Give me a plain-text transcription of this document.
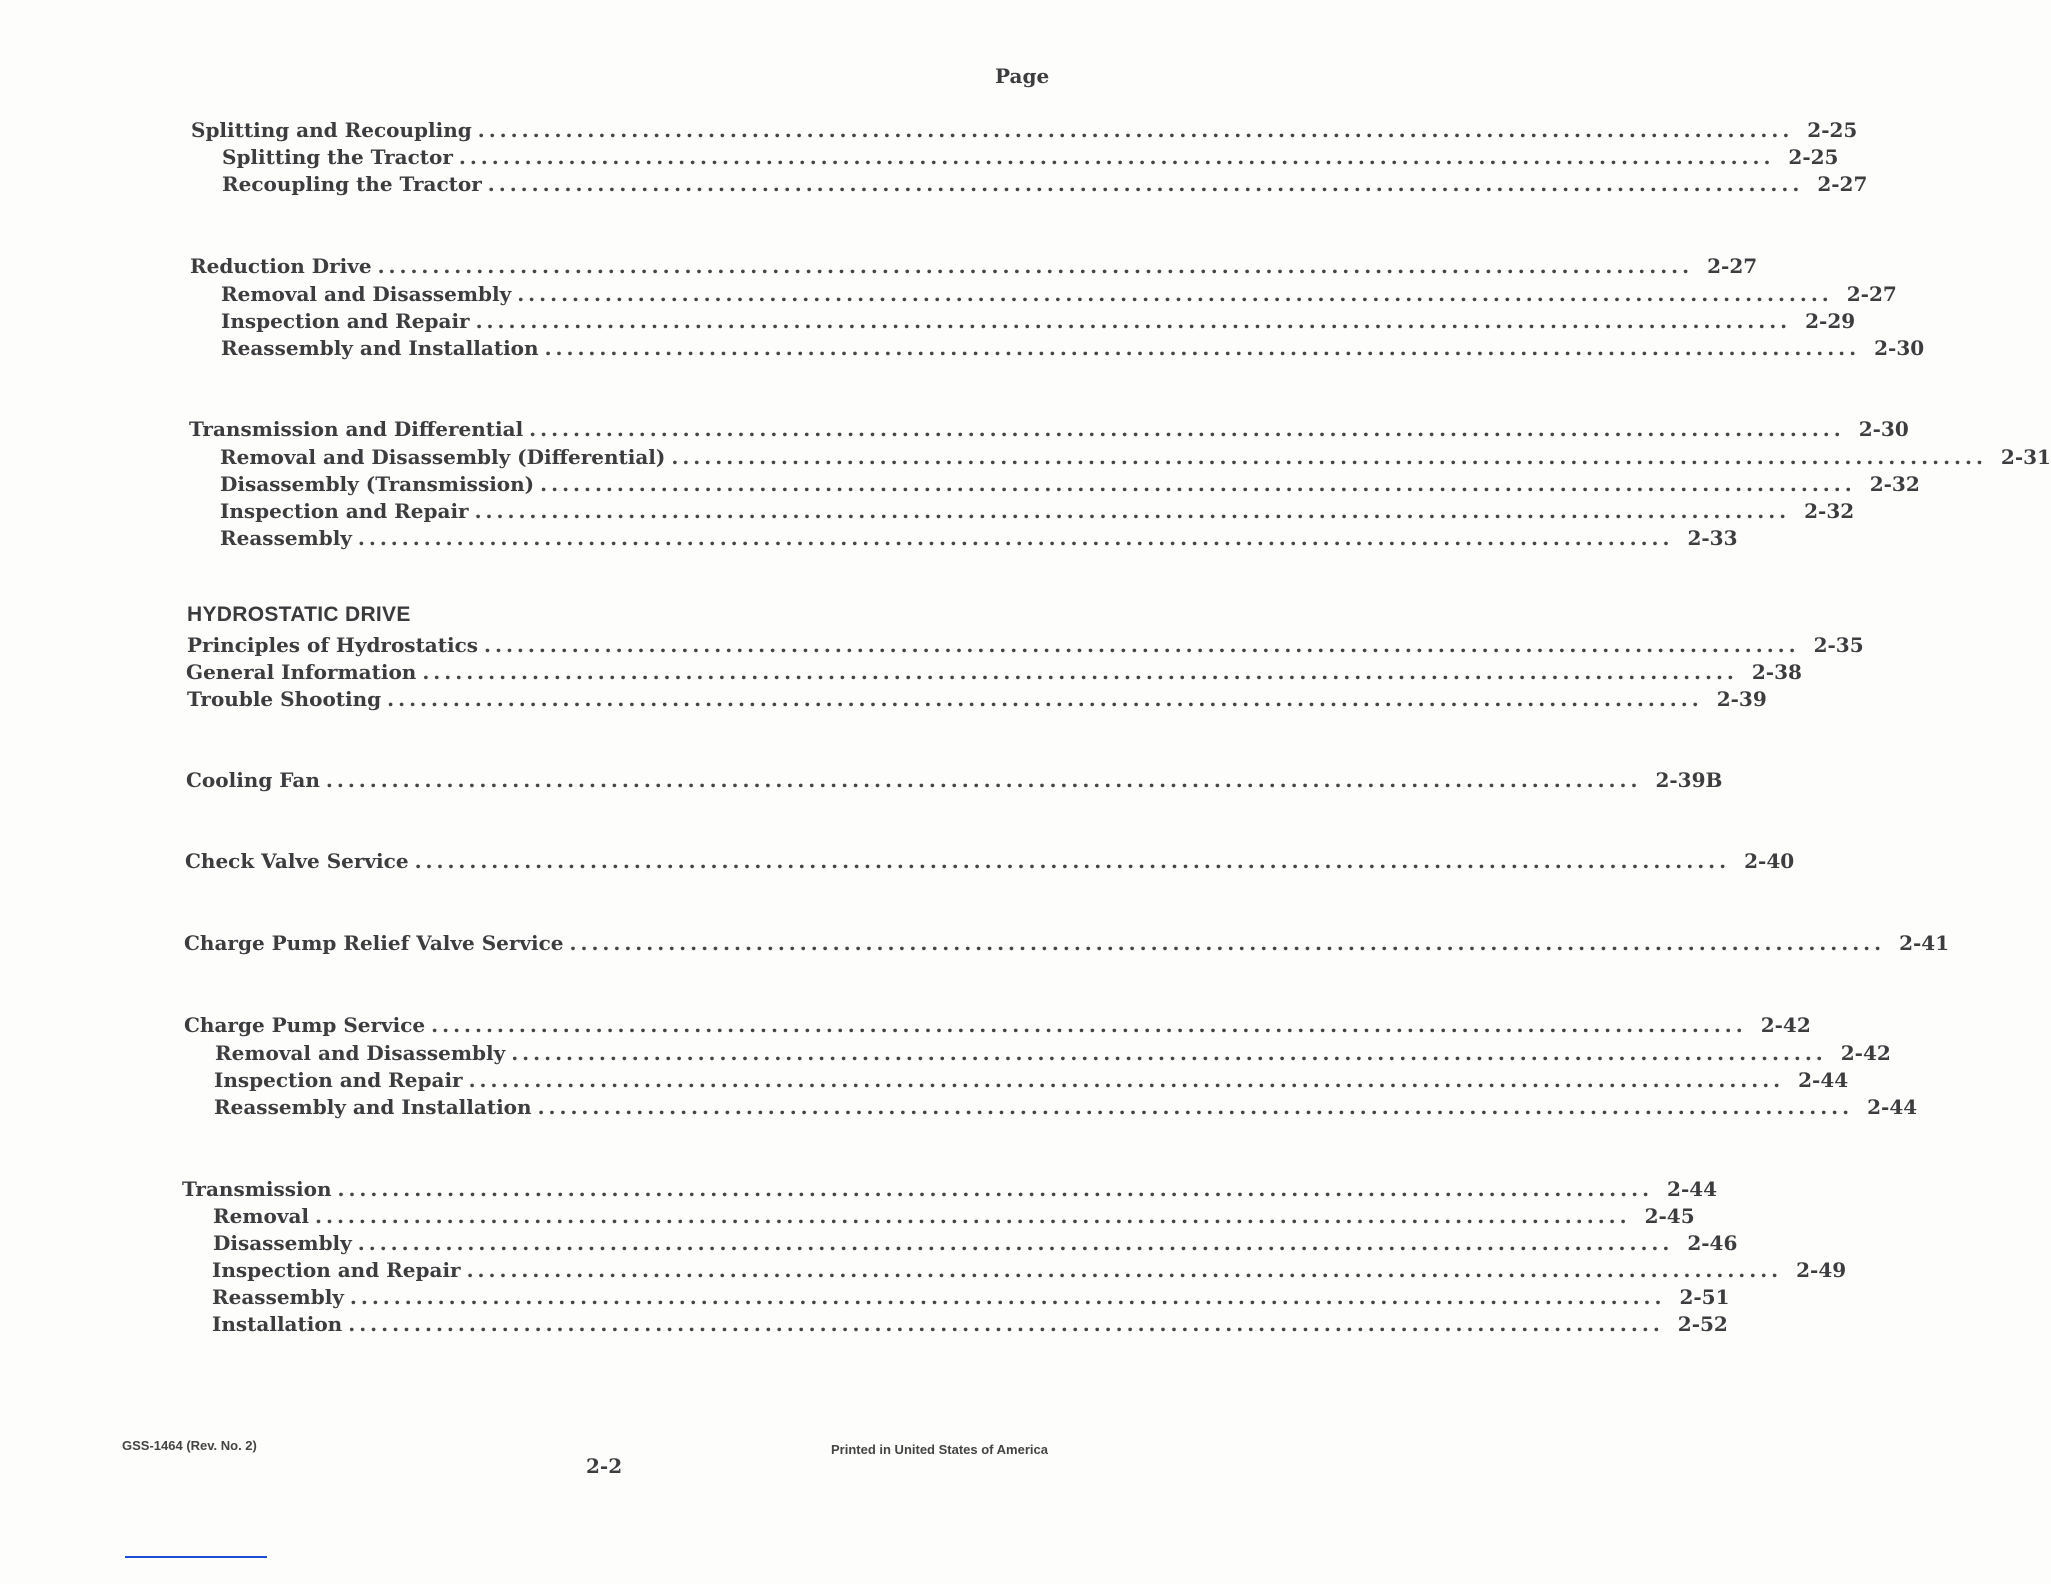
Page
Splitting and Recoupling ........................................................................................................................ 2-25
Splitting the Tractor ........................................................................................................................ 2-25
Recoupling the Tractor ........................................................................................................................ 2-27
Reduction Drive ........................................................................................................................ 2-27
Removal and Disassembly ........................................................................................................................ 2-27
Inspection and Repair ........................................................................................................................ 2-29
Reassembly and Installation ........................................................................................................................ 2-30
Transmission and Differential ........................................................................................................................ 2-30
Removal and Disassembly (Differential) ........................................................................................................................ 2-31
Disassembly (Transmission) ........................................................................................................................ 2-32
Inspection and Repair ........................................................................................................................ 2-32
Reassembly ........................................................................................................................ 2-33
HYDROSTATIC DRIVE
Principles of Hydrostatics ........................................................................................................................ 2-35
General Information ........................................................................................................................ 2-38
Trouble Shooting ........................................................................................................................ 2-39
Cooling Fan ........................................................................................................................ 2-39B
Check Valve Service ........................................................................................................................ 2-40
Charge Pump Relief Valve Service ........................................................................................................................ 2-41
Charge Pump Service ........................................................................................................................ 2-42
Removal and Disassembly ........................................................................................................................ 2-42
Inspection and Repair ........................................................................................................................ 2-44
Reassembly and Installation ........................................................................................................................ 2-44
Transmission ........................................................................................................................ 2-44
Removal ........................................................................................................................ 2-45
Disassembly ........................................................................................................................ 2-46
Inspection and Repair ........................................................................................................................ 2-49
Reassembly ........................................................................................................................ 2-51
Installation ........................................................................................................................ 2-52
GSS-1464 (Rev. No. 2)
2-2
Printed in United States of America
